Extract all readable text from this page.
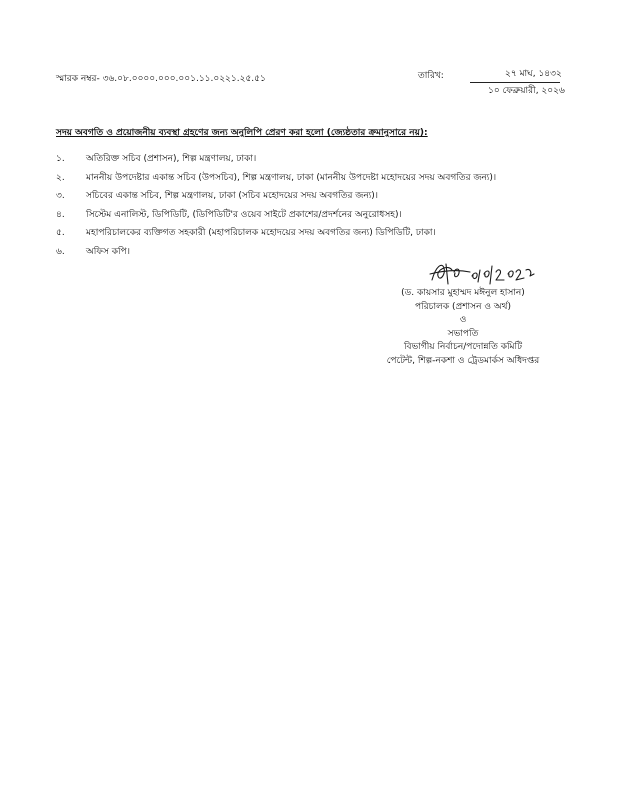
স্মারক নম্বর- ৩৬.০৮.০০০০.০০০.০০১.১১.০২২১.২৫.৫১	তারিখ:	২৭ মাঘ, ১৪৩২
১০ ফেব্রুয়ারী, ২০২৬
সদয় অবগতি ও প্রয়োজনীয় ব্যবস্থা গ্রহণের জন্য অনুলিপি প্রেরণ করা হলো (জ্যেষ্ঠতার ক্রমানুসারে নয়):
১.	অতিরিক্ত সচিব (প্রশাসন), শিল্প মন্ত্রণালয়, ঢাকা।
২.	মাননীয় উপদেষ্টার একান্ত সচিব (উপসচিব), শিল্প মন্ত্রণালয়, ঢাকা (মাননীয় উপদেষ্টা মহোদয়ের সদয় অবগতির জন্য)।
৩.	সচিবের একান্ত সচিব, শিল্প মন্ত্রণালয়, ঢাকা (সচিব মহোদয়ের সদয় অবগতির জন্য)।
৪.	সিস্টেম এনালিস্ট, ডিপিডিটি, (ডিপিডিটি'র ওয়েব সাইটে প্রকাশের/প্রদর্শনের অনুরোধসহ)।
৫.	মহাপরিচালকের ব্যক্তিগত সহকারী (মহাপরিচালক মহোদয়ের সদয় অবগতির জন্য) ডিপিডিটি, ঢাকা।
৬.	অফিস কপি।
(ড. কায়সার মুহাম্মদ মঈনুল হাসান)
পরিচালক (প্রশাসন ও অর্থ)
ও
সভাপতি
বিভাগীয় নির্বাচন/পদোন্নতি কমিটি
পেটেন্ট, শিল্প-নকশা ও ট্রেডমার্কস অধিদপ্তর
